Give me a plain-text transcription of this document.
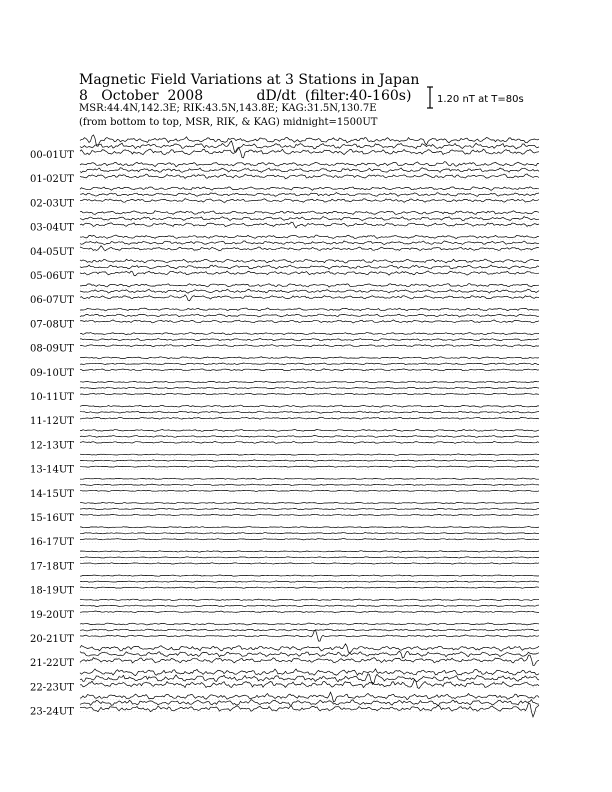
Magnetic Field Variations at 3 Stations in Japan
8   October  2008            dD/dt  (filter:40-160s)
MSR:44.4N,142.3E; RIK:43.5N,143.8E; KAG:31.5N,130.7E
(from bottom to top, MSR, RIK, & KAG) midnight=1500UT
1.20 nT at T=80s
00-01UT
01-02UT
02-03UT
03-04UT
04-05UT
05-06UT
06-07UT
07-08UT
08-09UT
09-10UT
10-11UT
11-12UT
12-13UT
13-14UT
14-15UT
15-16UT
16-17UT
17-18UT
18-19UT
19-20UT
20-21UT
21-22UT
22-23UT
23-24UT
